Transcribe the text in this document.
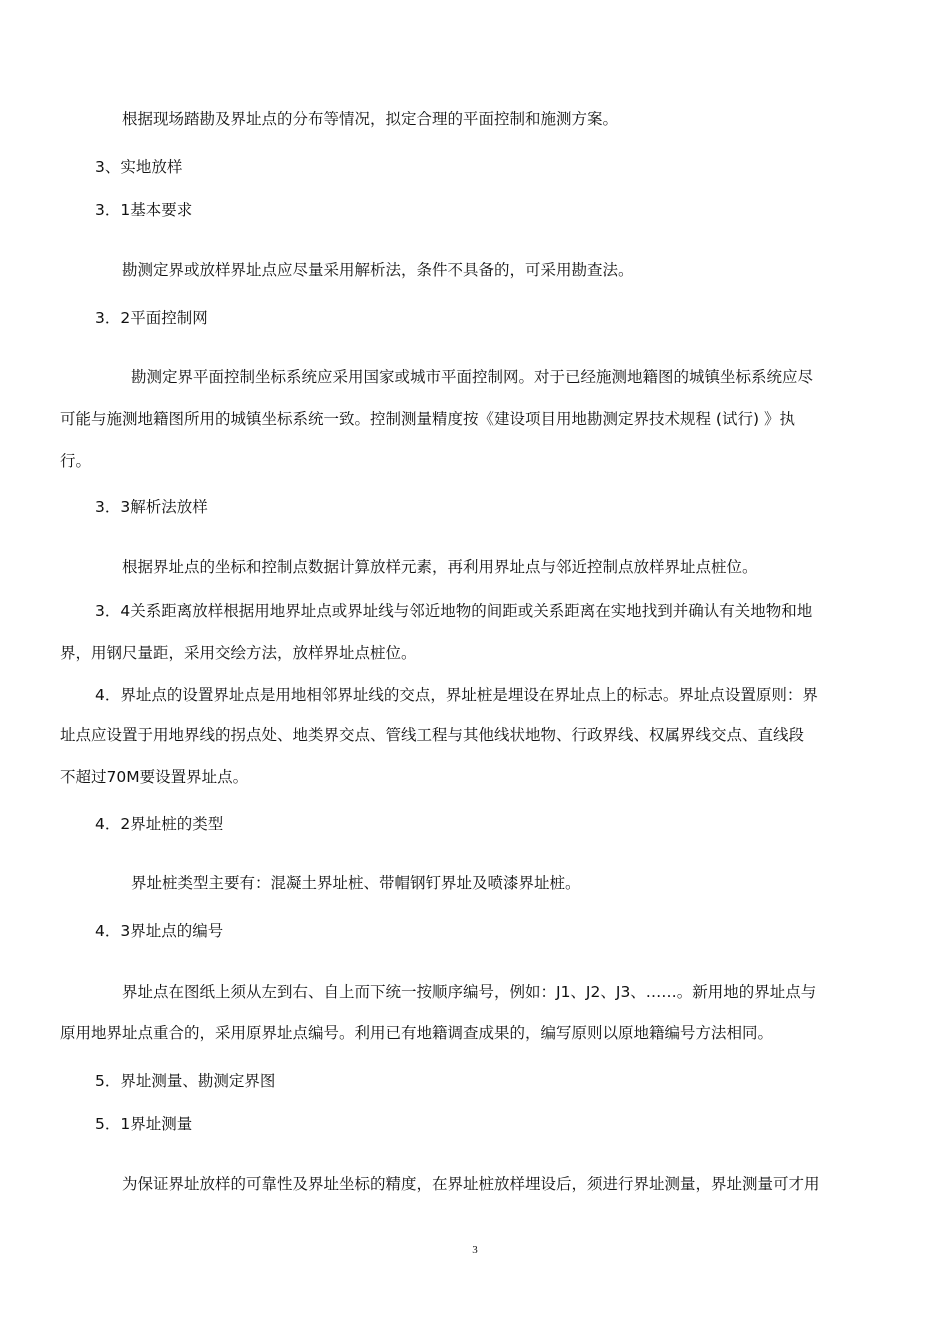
根据现场踏勘及界址点的分布等情况，拟定合理的平面控制和施测方案。

3、实地放样

3．1基本要求

勘测定界或放样界址点应尽量采用解析法，条件不具备的，可采用勘查法。

3．2平面控制网

勘测定界平面控制坐标系统应采用国家或城市平面控制网。对于已经施测地籍图的城镇坐标系统应尽

可能与施测地籍图所用的城镇坐标系统一致。控制测量精度按《建设项目用地勘测定界技术规程 (试行) 》执

行。

3．3解析法放样

根据界址点的坐标和控制点数据计算放样元素，再利用界址点与邻近控制点放样界址点桩位。

3．4关系距离放样根据用地界址点或界址线与邻近地物的间距或关系距离在实地找到并确认有关地物和地

界，用钢尺量距，采用交绘方法，放样界址点桩位。

4．界址点的设置界址点是用地相邻界址线的交点，界址桩是埋设在界址点上的标志。界址点设置原则：界

址点应设置于用地界线的拐点处、地类界交点、管线工程与其他线状地物、行政界线、权属界线交点、直线段

不超过70M要设置界址点。

4．2界址桩的类型

界址桩类型主要有：混凝土界址桩、带帽钢钉界址及喷漆界址桩。

4．3界址点的编号

界址点在图纸上须从左到右、自上而下统一按顺序编号，例如：J1、J2、J3、……。新用地的界址点与

原用地界址点重合的，采用原界址点编号。利用已有地籍调查成果的，编写原则以原地籍编号方法相同。

5．界址测量、勘测定界图

5．1界址测量

为保证界址放样的可靠性及界址坐标的精度，在界址桩放样埋设后，须进行界址测量，界址测量可才用

3
